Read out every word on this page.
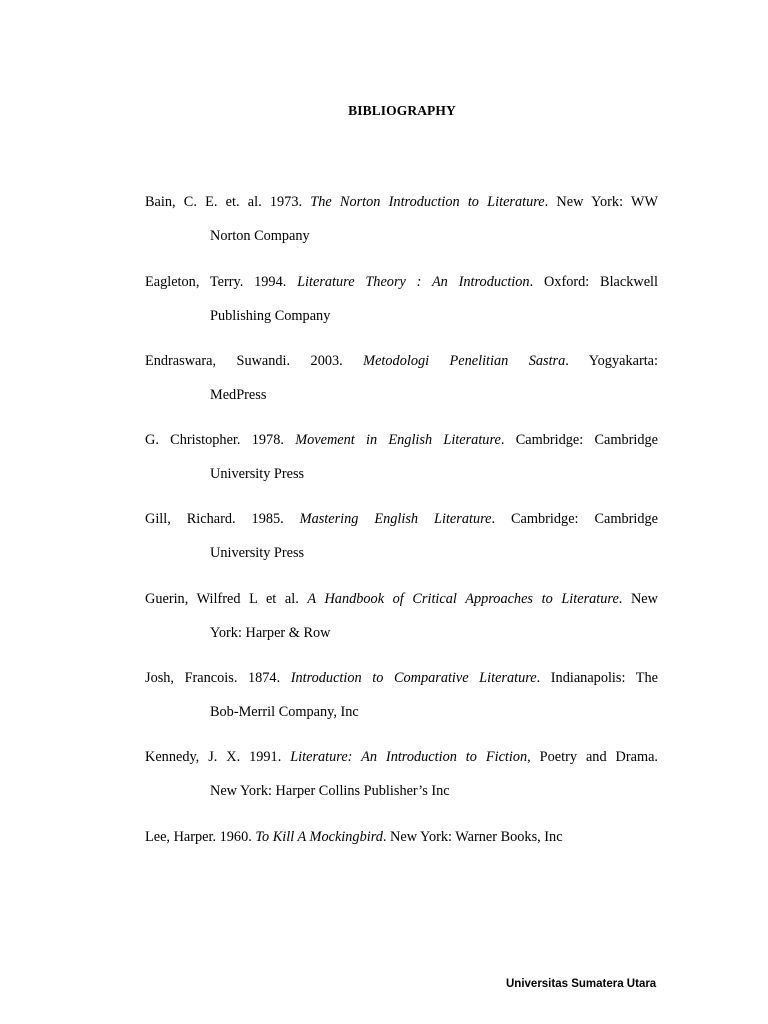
BIBLIOGRAPHY
Bain, C. E. et. al. 1973. The Norton Introduction to Literature. New York: WW
Norton Company
Eagleton, Terry. 1994. Literature Theory : An Introduction. Oxford: Blackwell
Publishing Company
Endraswara, Suwandi. 2003. Metodologi Penelitian Sastra. Yogyakarta:
MedPress
G. Christopher. 1978. Movement in English Literature. Cambridge: Cambridge
University Press
Gill, Richard. 1985. Mastering English Literature. Cambridge: Cambridge
University Press
Guerin, Wilfred L et al. A Handbook of Critical Approaches to Literature. New
York: Harper & Row
Josh, Francois. 1874. Introduction to Comparative Literature. Indianapolis: The
Bob-Merril Company, Inc
Kennedy, J. X. 1991. Literature: An Introduction to Fiction, Poetry and Drama.
New York: Harper Collins Publisher’s Inc
Lee, Harper. 1960. To Kill A Mockingbird. New York: Warner Books, Inc
Universitas Sumatera Utara
